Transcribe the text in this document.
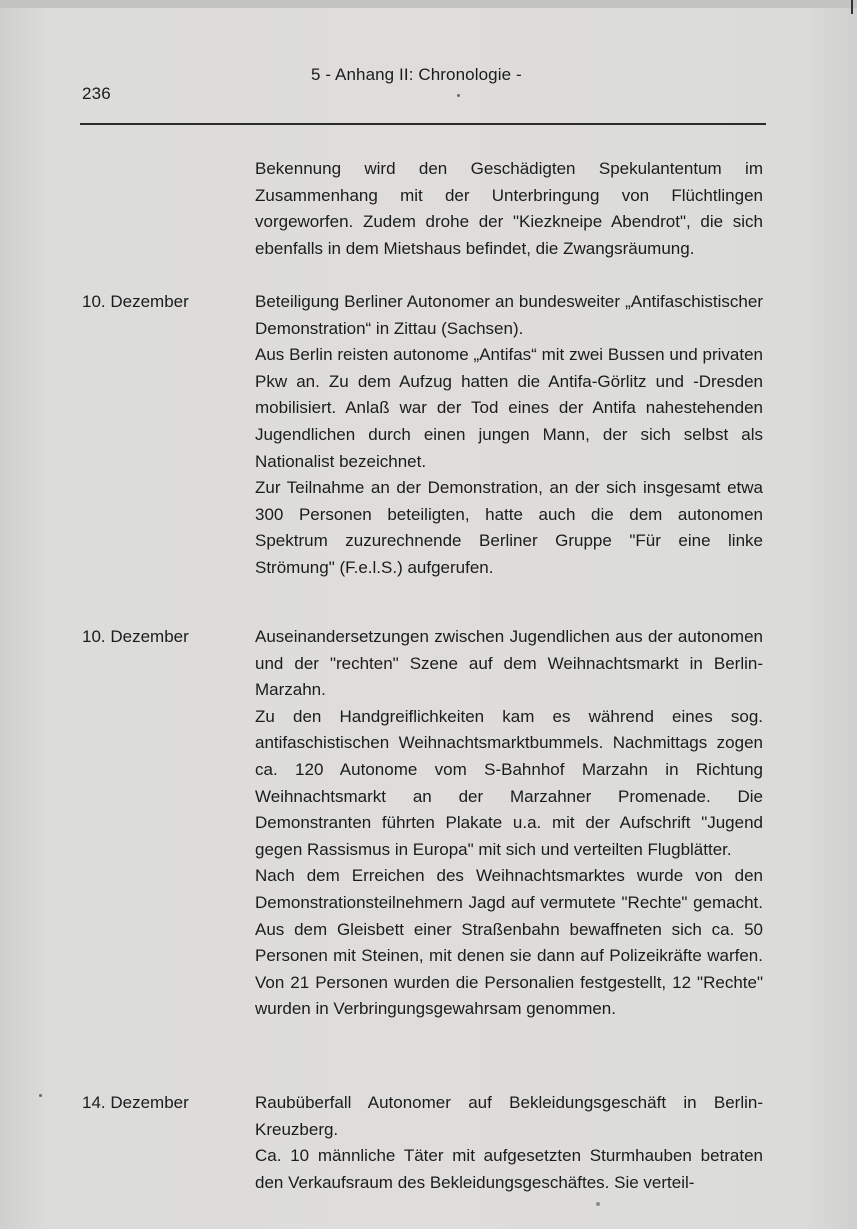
236
5 - Anhang II: Chronologie -

Bekennung wird den Geschädigten Spekulantentum im Zusammenhang mit der Unterbringung von Flüchtlingen vorgeworfen. Zudem drohe der "Kiezkneipe Abendrot", die sich ebenfalls in dem Mietshaus befindet, die Zwangsräumung.

10. Dezember	Beteiligung Berliner Autonomer an bundesweiter „Antifaschistischer Demonstration“ in Zittau (Sachsen).

Aus Berlin reisten autonome „Antifas“ mit zwei Bussen und privaten Pkw an. Zu dem Aufzug hatten die Antifa-Görlitz und -Dresden mobilisiert. Anlaß war der Tod eines der Antifa nahestehenden Jugendlichen durch einen jungen Mann, der sich selbst als Nationalist bezeichnet.

Zur Teilnahme an der Demonstration, an der sich insgesamt etwa 300 Personen beteiligten, hatte auch die dem autonomen Spektrum zuzurechnende Berliner Gruppe "Für eine linke Strömung" (F.e.l.S.) aufgerufen.

10. Dezember	Auseinandersetzungen zwischen Jugendlichen aus der autonomen und der "rechten" Szene auf dem Weihnachtsmarkt in Berlin-Marzahn.

Zu den Handgreiflichkeiten kam es während eines sog. antifaschistischen Weihnachtsmarktbummels. Nachmittags zogen ca. 120 Autonome vom S-Bahnhof Marzahn in Richtung Weihnachtsmarkt an der Marzahner Promenade. Die Demonstranten führten Plakate u.a. mit der Aufschrift "Jugend gegen Rassismus in Europa" mit sich und verteilten Flugblätter.

Nach dem Erreichen des Weihnachtsmarktes wurde von den Demonstrationsteilnehmern Jagd auf vermutete "Rechte" gemacht. Aus dem Gleisbett einer Straßenbahn bewaffneten sich ca. 50 Personen mit Steinen, mit denen sie dann auf Polizeikräfte warfen. Von 21 Personen wurden die Personalien festgestellt, 12 "Rechte" wurden in Verbringungsgewahrsam genommen.

14. Dezember	Raubüberfall Autonomer auf Bekleidungsgeschäft in Berlin-Kreuzberg.

Ca. 10 männliche Täter mit aufgesetzten Sturmhauben betraten den Verkaufsraum des Bekleidungsgeschäftes. Sie verteil-
